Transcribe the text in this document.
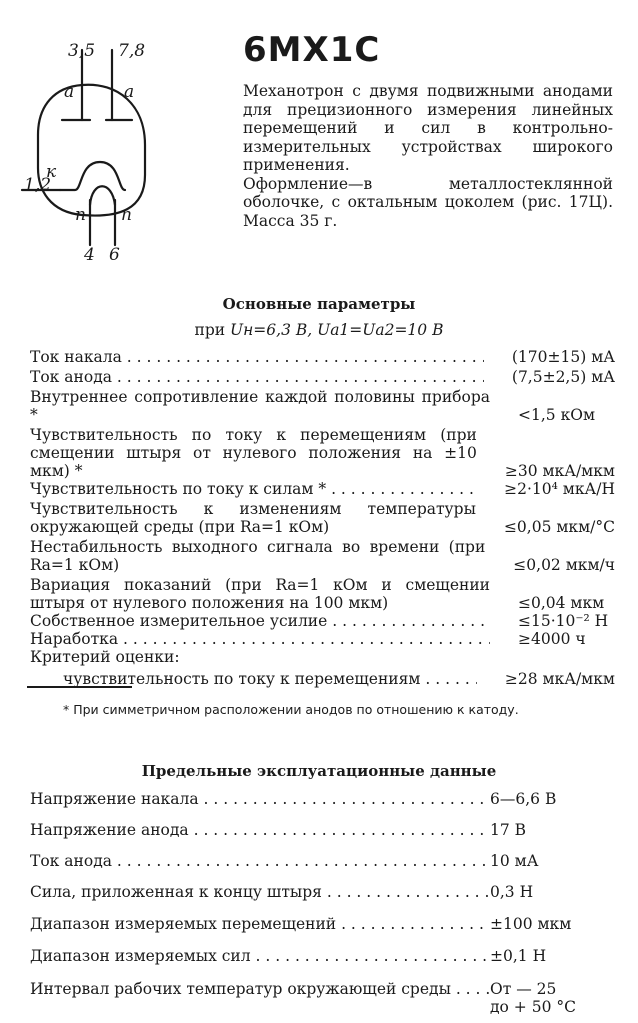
3,5 7,8
а	а
к
1,2
п п
4 6
6МХ1С

Механотрон с двумя подвижными анодами для прецизионного измерения линейных перемещений и сил в контрольно-измерительных устройствах широкого применения.

Оформление—в металлостеклянной оболочке, с октальным цоколем (рис. 17Ц). Масса 35 г.

Основные параметры
при Uн=6,3 В, Uа1=Uа2=10 В
Ток накала . . .	(170±15) мА
Ток анода . . .	(7,5±2,5) мА
Внутреннее сопротивление каждой половины прибора *	<1,5 кОм
Чувствительность по току к перемещениям (при смещении штыря от нулевого положения на ±10 мкм) *	≥30 мкА/мкм
Чувствительность по току к силам * . . .	≥2·10⁴ мкА/Н
Чувствительность к изменениям температуры окружающей среды (при Rа=1 кОм)	≤0,05 мкм/°С
Нестабильность выходного сигнала во времени (при Rа=1 кОм)	≤0,02 мкм/ч
Вариация показаний (при Rа=1 кОм и смещении штыря от нулевого положения на 100 мкм)	≤0,04 мкм
Собственное измерительное усилие . . .	≤15·10⁻² Н
Наработка . . .	≥4000 ч
Критерий оценки:
чувствительность по току к перемещениям . . .	≥28 мкА/мкм
* При симметричном расположении анодов по отношению к катоду.
Предельные эксплуатационные данные
Напряжение накала . . .	6—6,6 В
Напряжение анода . . .	17 В
Ток анода . . .	10 мА
Сила, приложенная к концу штыря . . .	0,3 Н
Диапазон измеряемых перемещений . . .	±100 мкм
Диапазон измеряемых сил . . .	±0,1 Н
Интервал рабочих температур окружающей среды . . .	От — 25
до + 50 °С
